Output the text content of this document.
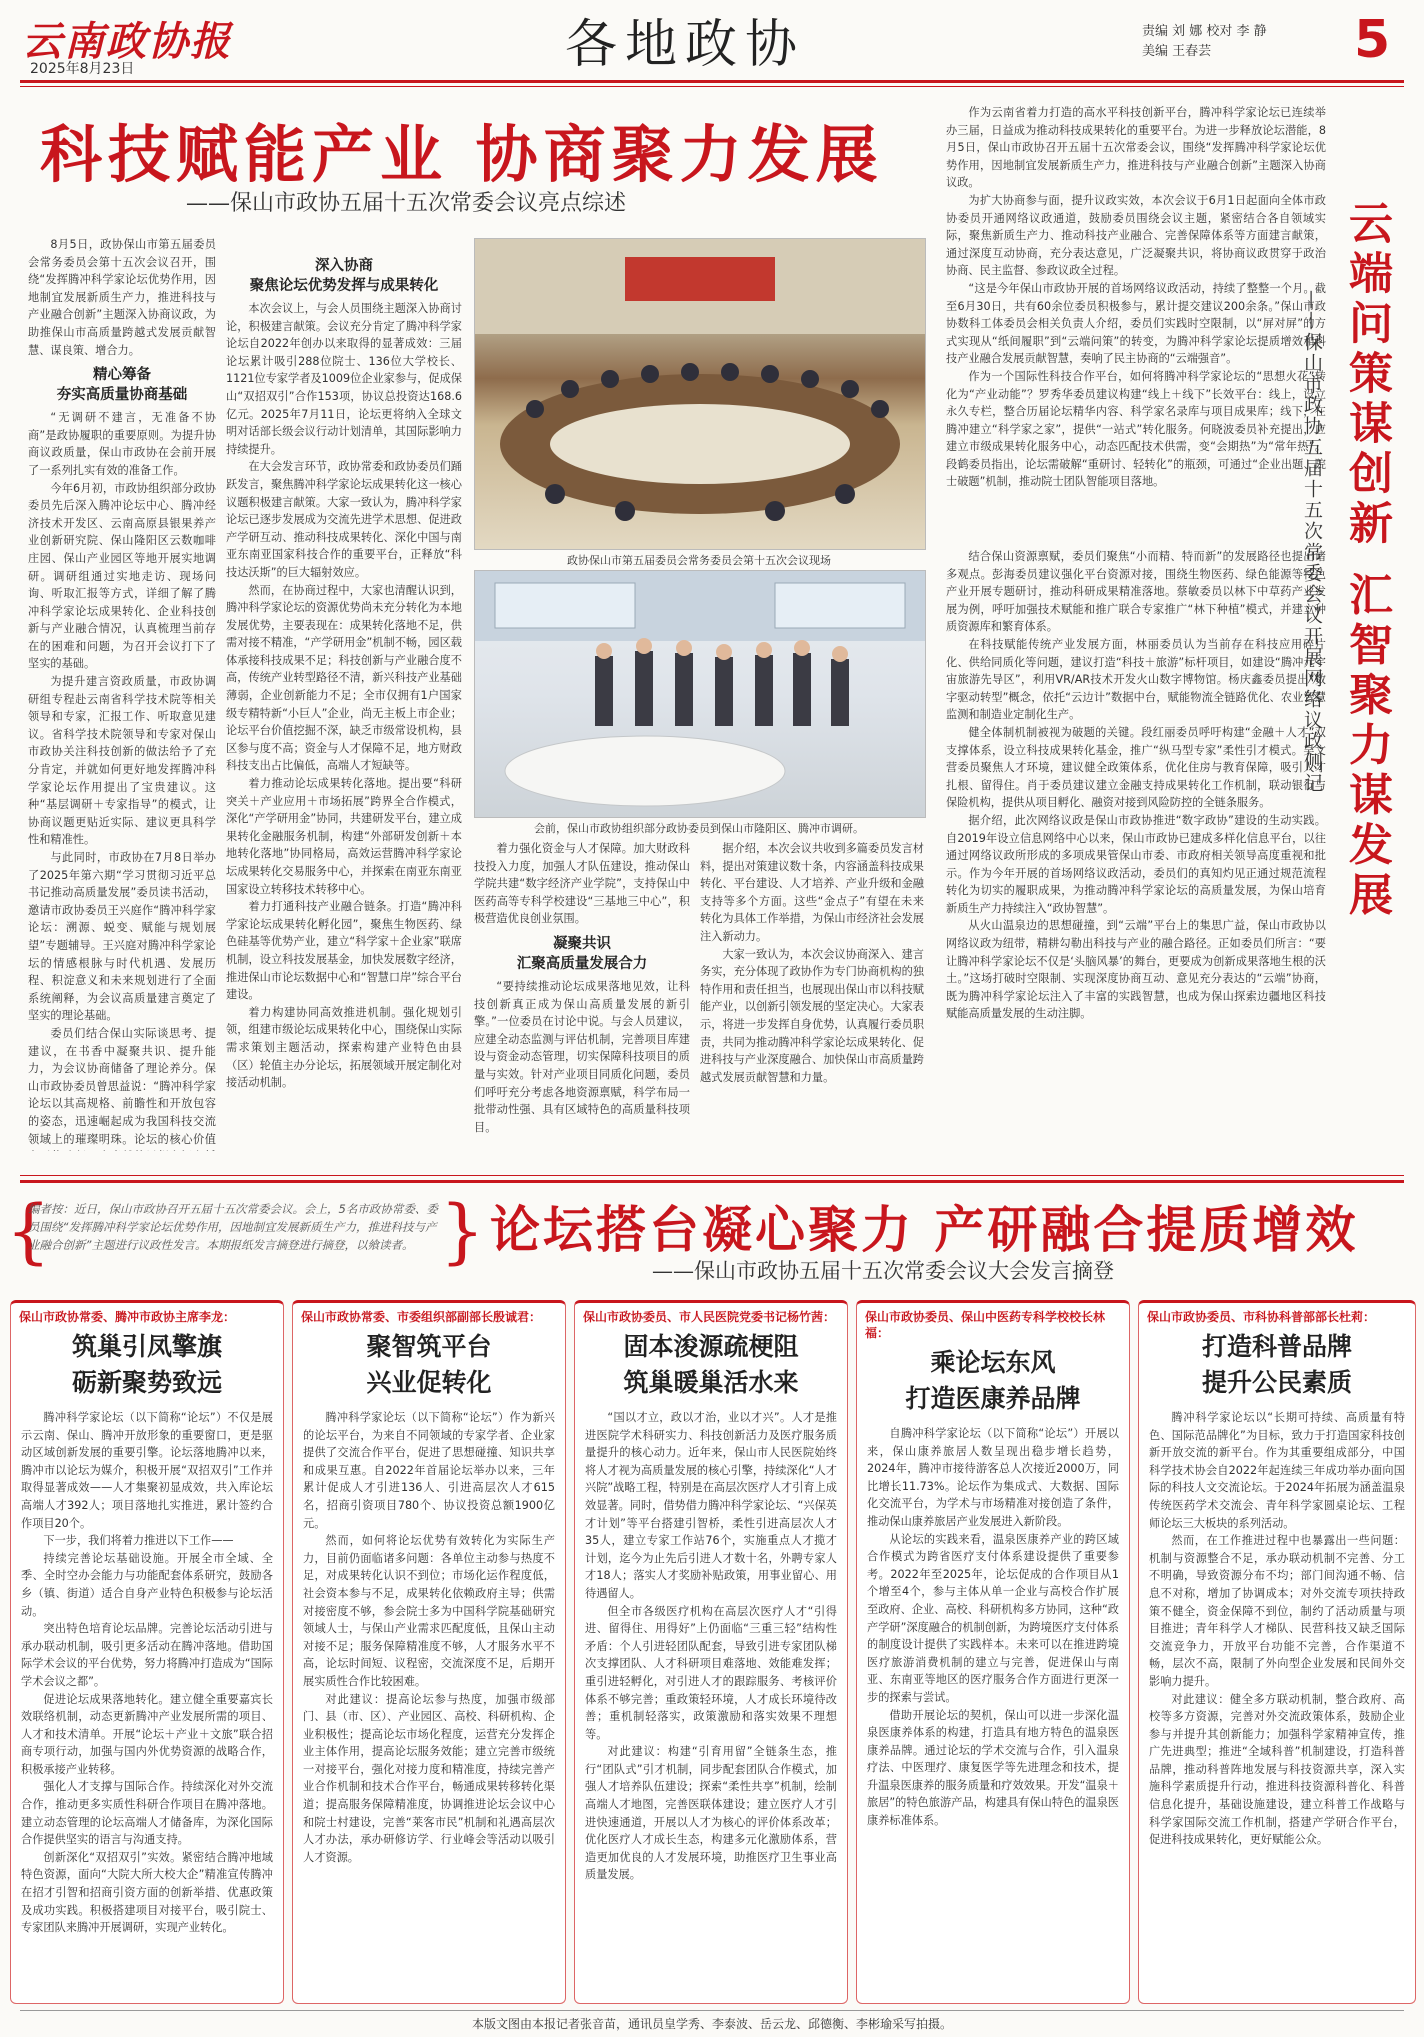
云南政协报
2025年8月23日	各地政协	责编 刘 娜 校对 李 静
美编 王春芸	5
科技赋能产业 协商聚力发展
——保山市政协五届十五次常委会议亮点综述

8月5日，政协保山市第五届委员会常务委员会第十五次会议召开，围绕“发挥腾冲科学家论坛优势作用，因地制宜发展新质生产力，推进科技与产业融合创新”主题深入协商议政，为助推保山市高质量跨越式发展贡献智慧、谋良策、增合力。

精心筹备
夯实高质量协商基础

“无调研不建言，无准备不协商”是政协履职的重要原则。为提升协商议政质量，保山市政协在会前开展了一系列扎实有效的准备工作。

今年6月初，市政协组织部分政协委员先后深入腾冲论坛中心、腾冲经济技术开发区、云南高原县银果养产业创新研究院、保山隆阳区云数咖啡庄园、保山产业园区等地开展实地调研。调研组通过实地走访、现场问询、听取汇报等方式，详细了解了腾冲科学家论坛成果转化、企业科技创新与产业融合情况，认真梳理当前存在的困难和问题，为召开会议打下了坚实的基础。

为提升建言资政质量，市政协调研组专程赴云南省科学技术院等相关领导和专家，汇报工作、听取意见建议。省科学技术院领导和专家对保山市政协关注科技创新的做法给予了充分肯定，并就如何更好地发挥腾冲科学家论坛作用提出了宝贵建议。这种“基层调研＋专家指导”的模式，让协商议题更贴近实际、建议更具科学性和精准性。

与此同时，市政协在7月8日举办了2025年第六期“学习贯彻习近平总书记推动高质量发展”委员读书活动，邀请市政协委员王兴庭作“腾冲科学家论坛：溯源、蜕变、赋能与规划展望”专题辅导。王兴庭对腾冲科学家论坛的情感根脉与时代机遇、发展历程、积淀意义和未来规划进行了全面系统阐释，为会议高质量建言奠定了坚实的理论基础。

委员们结合保山实际谈思考、提建议，在书香中凝聚共识、提升能力，为会议协商储备了理论养分。保山市政协委员曾思益说：“腾冲科学家论坛以其高规格、前瞻性和开放包容的姿态，迅速崛起成为我国科技交流领域上的璀璨明珠。论坛的核心价值

深入协商
聚焦论坛优势发挥与成果转化

本次会议上，与会人员围绕主题深入协商讨论，积极建言献策。会议充分肯定了腾冲科学家论坛自2022年创办以来取得的显著成效：三届论坛累计吸引288位院士、136位大学校长、1121位专家学者及1009位企业家参与，促成保山“双招双引”合作153项，协议总投资达168.6亿元。2025年7月11日，论坛更将纳入全球文明对话部长级会议行动计划清单，其国际影响力持续提升。

在大会发言环节，政协常委和政协委员们踊跃发言，聚焦腾冲科学家论坛成果转化这一核心议题积极建言献策。大家一致认为，腾冲科学家论坛已逐步发展成为交流先进学术思想、促进政产学研互动、推动科技成果转化、深化中国与南亚东南亚国家科技合作的重要平台，正释放“科技达沃斯”的巨大辐射效应。

然而，在协商过程中，大家也清醒认识到，腾冲科学家论坛的资源优势尚未充分转化为本地发展优势，主要表现在：成果转化落地不足，供需对接不精准，“产学研用金”机制不畅，园区载体承接科技成果不足；科技创新与产业融合度不高，传统产业转型路径不清，新兴科技产业基础薄弱，企业创新能力不足；全市仅拥有1户国家级专精特新“小巨人”企业，尚无主板上市企业；论坛平台价值挖掘不深，缺乏市级常设机构，县区参与度不高；资金与人才保障不足，地方财政科技支出占比偏低，高端人才短缺等。

着力推动论坛成果转化落地。提出要“科研突关＋产业应用＋市场拓展”跨界全合作模式，深化“产学研用金”协同，共建研发平台，建立成果转化金融服务机制，构建“外部研发创新＋本地转化落地”协同格局，高效运营腾冲科学家论坛成果转化交易服务中心，并探索在南亚东南亚国家设立转移技术转移中心。

着力打通科技产业融合链条。打造“腾冲科学家论坛成果转化孵化园”，聚焦生物医药、绿色硅基等优势产业，建立“科学家＋企业家”联席机制，设立科技发展基金，加快发展数字经济，推进保山市论坛数据中心和“智慧口岸”综合平台建设。

着力构建协同高效推进机制。强化规划引领，组建市级论坛成果转化中心，围绕保山实际需求策划主题活动，探索构建产业特色由县（区）轮值主办分论坛，拓展领域开展定制化对接活动机制。

政协保山市第五届委员会常务委员会第十五次会议现场
会前，保山市政协组织部分政协委员到保山市隆阳区、腾冲市调研。

着力强化资金与人才保障。加大财政科技投入力度，加强人才队伍建设，推动保山学院共建“数字经济产业学院”，支持保山中医药高等专科学校建设“三基地三中心”，积极营造优良创业氛围。

凝聚共识
汇聚高质量发展合力

“要持续推动论坛成果落地见效，让科技创新真正成为保山高质量发展的新引擎。”一位委员在讨论中说。与会人员建议，应建全动态监测与评估机制，完善项目库建设与资金动态管理，切实保障科技项目的质量与实效。针对产业项目同质化问题，委员们呼吁充分考虑各地资源禀赋，科学布局一批带动性强、具有区域特色的高质量科技项目。

据介绍，本次会议共收到多篇委员发言材料，提出对策建议数十条，内容涵盖科技成果转化、平台建设、人才培养、产业升级和金融支持等多个方面。这些“金点子”有望在未来转化为具体工作举措，为保山市经济社会发展注入新动力。

大家一致认为，本次会议协商深入、建言务实，充分体现了政协作为专门协商机构的独特作用和责任担当，也展现出保山市以科技赋能产业，以创新引领发展的坚定决心。大家表示，将进一步发挥自身优势，认真履行委员职责，共同为推动腾冲科学家论坛成果转化、促进科技与产业深度融合、加快保山市高质量跨越式发展贡献智慧和力量。

作为云南省着力打造的高水平科技创新平台，腾冲科学家论坛已连续举办三届，日益成为推动科技成果转化的重要平台。为进一步释放论坛潜能，8月5日，保山市政协召开五届十五次常委会议，围绕“发挥腾冲科学家论坛优势作用，因地制宜发展新质生产力，推进科技与产业融合创新”主题深入协商议政。

为扩大协商参与面，提升议政实效，本次会议于6月1日起面向全体市政协委员开通网络议政通道，鼓励委员围绕会议主题，紧密结合各自领域实际，聚焦新质生产力、推动科技产业融合、完善保障体系等方面建言献策，通过深度互动协商，充分表达意见，广泛凝聚共识，将协商议政贯穿于政治协商、民主监督、参政议政全过程。

“这是今年保山市政协开展的首场网络议政活动，持续了整整一个月。截至6月30日，共有60余位委员积极参与，累计提交建议200余条。”保山市政协数科工体委员会相关负责人介绍，委员们实践时空限制，以“屏对屏”的方式实现从“纸间履职”到“云端问策”的转变，为腾冲科学家论坛提质增效和科技产业融合发展贡献智慧，奏响了民主协商的“云端强音”。

作为一个国际性科技合作平台，如何将腾冲科学家论坛的“思想火花”转化为“产业动能”？罗秀华委员建议构建“线上＋线下”长效平台：线上，设立永久专栏，整合历届论坛精华内容、科学家名录库与项目成果库；线下，在腾冲建立“科学家之家”，提供“一站式”转化服务。何晓波委员补充提出，应建立市级成果转化服务中心，动态匹配技术供需，变“会期热”为“常年热”。段鹤委员指出，论坛需破解“重研讨、轻转化”的瓶颈，可通过“企业出题、院士破题”机制，推动院士团队智能项目落地。

结合保山资源禀赋，委员们聚焦“小而精、特而新”的发展路径也提出诸多观点。彭海委员建议强化平台资源对接，围绕生物医药、绿色能源等特色产业开展专题研讨，推动科研成果精准落地。蔡敏委员以林下中草药产业发展为例，呼吁加强技术赋能和推广联合专家推广“林下种植”模式，并建立种质资源库和繁育体系。

在科技赋能传统产业发展方面，林丽委员认为当前存在科技应用碎片化、供给同质化等问题，建议打造“科技＋旅游”标杆项目，如建设“腾冲元宇宙旅游先导区”，利用VR/AR技术开发火山数字博物馆。杨庆鑫委员提出“数字驱动转型”概念，依托“云边计”数据中台，赋能物流全链路优化、农业智慧监测和制造业定制化生产。

健全体制机制被视为破题的关键。段红丽委员呼吁构建“金融＋人才”双支撑体系，设立科技成果转化基金，推广“纵马型专家”柔性引才模式。吴文营委员聚焦人才环境，建议健全政策体系，优化住房与教育保障，吸引人才扎根、留得住。肖于委员建议建立金融支持成果转化工作机制，联动银行与保险机构，提供从项目孵化、融资对接到风险防控的全链条服务。

据介绍，此次网络议政是保山市政协推进“数字政协”建设的生动实践。自2019年设立信息网络中心以来，保山市政协已建成多样化信息平台，以往通过网络议政所形成的多项成果管保山市委、市政府相关领导高度重视和批示。作为今年开展的首场网络议政活动，委员们的真知灼见正通过规范流程转化为切实的履职成果，为推动腾冲科学家论坛的高质量发展，为保山培育新质生产力持续注入“政协智慧”。

从火山温泉边的思想碰撞，到“云端”平台上的集思广益，保山市政协以网络议政为纽带，精耕勾勒出科技与产业的融合路径。正如委员们所言：“要让腾冲科学家论坛不仅是‘头脑风暴’的舞台，更要成为创新成果落地生根的沃土。”这场打破时空限制、实现深度协商互动、意见充分表达的“云端”协商，既为腾冲科学家论坛注入了丰富的实践智慧，也成为保山探索边疆地区科技赋能高质量发展的生动注脚。

云端问策谋创新 汇智聚力谋发展
——保山市政协五届十五次常委会议开展网络议政侧记
{
编者按：近日，保山市政协召开五届十五次常委会议。会上，5名市政协常委、委员围绕“发挥腾冲科学家论坛优势作用，因地制宜发展新质生产力，推进科技与产业融合创新”主题进行议政性发言。本期报纸发言摘登进行摘登，以飨读者。 } 论坛搭台凝心聚力 产研融合提质增效
——保山市政协五届十五次常委会议大会发言摘登
保山市政协常委、腾冲市政协主席李龙：
筑巢引凤擎旗
砺新聚势致远

腾冲科学家论坛（以下简称“论坛”）不仅是展示云南、保山、腾冲开放形象的重要窗口，更是驱动区域创新发展的重要引擎。论坛落地腾冲以来，腾冲市以论坛为媒介，积极开展“双招双引”工作并取得显著成效——人才集聚初显成效，共入库论坛高端人才392人；项目落地扎实推进，累计签约合作项目20个。

下一步，我们将着力推进以下工作——

持续完善论坛基础设施。开展全市全域、全季、全时空办会能力与功能配套体系研究，鼓励各乡（镇、街道）适合自身产业特色积极参与论坛活动。

突出特色培育论坛品牌。完善论坛活动引进与承办联动机制，吸引更多活动在腾冲落地。借助国际学术会议的平台优势，努力将腾冲打造成为“国际学术会议之都”。

促进论坛成果落地转化。建立健全重要嘉宾长效联络机制，动态更新腾冲产业发展所需的项目、人才和技术清单。开展“论坛＋产业＋文旅”联合招商专项行动，加强与国内外优势资源的战略合作，积极承接产业转移。

强化人才支撑与国际合作。持续深化对外交流合作，推动更多实质性科研合作项目在腾冲落地。建立动态管理的论坛高端人才储备库，为深化国际合作提供坚实的语言与沟通支持。

创新深化“双招双引”实效。紧密结合腾冲地域特色资源，面向“大院大所大校大企”精准宣传腾冲在招才引智和招商引资方面的创新举措、优惠政策及成功实践。积极搭建项目对接平台，吸引院士、专家团队来腾冲开展调研，实现产业转化。

保山市政协常委、市委组织部副部长殷诚君：
聚智筑平台
兴业促转化

腾冲科学家论坛（以下简称“论坛”）作为新兴的论坛平台，为来自不同领域的专家学者、企业家提供了交流合作平台，促进了思想碰撞、知识共享和成果互惠。自2022年首届论坛举办以来，三年累计促成人才引进136人、引进高层次人才615名，招商引资项目780个、协议投资总额1900亿元。

然而，如何将论坛优势有效转化为实际生产力，目前仍面临诸多问题：各单位主动参与热度不足，对成果转化认识不到位；市场化运作程度低，社会资本参与不足，成果转化依赖政府主导；供需对接密度不够，参会院士多为中国科学院基础研究领域人士，与保山产业需求匹配度低，且保山主动对接不足；服务保障精准度不够，人才服务水平不高，论坛时间短、议程密，交流深度不足，后期开展实质性合作比较困难。

对此建议：提高论坛参与热度，加强市级部门、县（市、区）、产业园区、高校、科研机构、企业积极性；提高论坛市场化程度，运营充分发挥企业主体作用，提高论坛服务效能；建立完善市级统一对接平台，强化对接力度和精准度，持续完善产业合作机制和技术合作平台，畅通成果转移转化渠道；提高服务保障精准度，协调推进论坛会议中心和院士村建设，完善“莱客市民”机制和礼遇高层次人才办法，承办研修访学、行业峰会等活动以吸引人才资源。

保山市政协委员、市人民医院党委书记杨竹茜：
固本浚源疏梗阻
筑巢暖巢活水来

“国以才立，政以才治，业以才兴”。人才是推进医院学术科研实力、科技创新活力及医疗服务质量提升的核心动力。近年来，保山市人民医院始终将人才视为高质量发展的核心引擎，持续深化“人才兴院”战略工程，特别是在高层次医疗人才引育上成效显著。同时，借势借力腾冲科学家论坛、“兴保英才计划”等平台搭建引智桥，柔性引进高层次人才35人，建立专家工作站76个，实施重点人才揽才计划，迄今为止先后引进人才数十名，外聘专家人才18人；落实人才奖励补贴政策，用事业留心、用待遇留人。

但全市各级医疗机构在高层次医疗人才“引得进、留得住、用得好”上仍面临“三重三轻”结构性矛盾：个人引进轻团队配套，导致引进专家团队梯次支撑团队、人才科研项目难落地、效能难发挥；重引进轻孵化，对引进人才的跟踪服务、考核评价体系不够完善；重政策轻环境，人才成长环境待改善；重机制轻落实，政策激励和落实效果不理想等。

对此建议：构建“引育用留”全链条生态，推行“团队式”引才机制，同步配套团队合作模式，加强人才培养队伍建设；探索“柔性共享”机制，绘制高端人才地图，完善医联体建设；建立医疗人才引进快速通道，开展以人才为核心的评价体系改革；优化医疗人才成长生态，构建多元化激励体系，营造更加优良的人才发展环境，助推医疗卫生事业高质量发展。

保山市政协委员、保山中医药专科学校校长林福：
乘论坛东风
打造医康养品牌

自腾冲科学家论坛（以下简称“论坛”）开展以来，保山康养旅居人数呈现出稳步增长趋势，2024年，腾冲市接待游客总人次接近2000万，同比增长11.73%。论坛作为集成式、大数据、国际化交流平台，为学术与市场精准对接创造了条件，推动保山康养旅居产业发展进入新阶段。

从论坛的实践来看，温泉医康养产业的跨区域合作模式为跨省医疗支付体系建设提供了重要参考。2022年至2025年，论坛促成的合作项目从1个增至4个，参与主体从单一企业与高校合作扩展至政府、企业、高校、科研机构多方协同，这种“政产学研”深度融合的机制创新，为跨境医疗支付体系的制度设计提供了实践样本。未来可以在推进跨境医疗旅游消费机制的建立与完善，促进保山与南亚、东南亚等地区的医疗服务合作方面进行更深一步的探索与尝试。

借助开展论坛的契机，保山可以进一步深化温泉医康养体系的构建，打造具有地方特色的温泉医康养品牌。通过论坛的学术交流与合作，引入温泉疗法、中医理疗、康复医学等先进理念和技术，提升温泉医康养的服务质量和疗效效果。开发“温泉＋旅居”的特色旅游产品，构建具有保山特色的温泉医康养标准体系。

保山市政协委员、市科协科普部部长杜莉：
打造科普品牌
提升公民素质

腾冲科学家论坛以“长期可持续、高质量有特色、国际范品牌化”为目标，致力于打造国家科技创新开放交流的新平台。作为其重要组成部分，中国科学技术协会自2022年起连续三年成功举办面向国际的科技人文交流论坛。于2024年拓展为涵盖温泉传统医药学术交流会、青年科学家圆桌论坛、工程师论坛三大板块的系列活动。

然而，在工作推进过程中也暴露出一些问题：机制与资源整合不足，承办联动机制不完善、分工不明确，导致资源分布不均；部门间沟通不畅、信息不对称，增加了协调成本；对外交流专项扶持政策不健全，资金保障不到位，制约了活动质量与项目推进；青年科学人才梯队、民营科技又缺乏国际交流竞争力，开放平台功能不完善，合作渠道不畅，层次不高，限制了外向型企业发展和民间外交影响力提升。

对此建议：健全多方联动机制，整合政府、高校等多方资源，完善对外交流政策体系，鼓励企业参与并提升其创新能力；加强科学家精神宣传，推广先进典型；推进“全域科普”机制建设，打造科普品牌，推动科普阵地发展与科技资源共享，深入实施科学素质提升行动，推进科技资源科普化、科普信息化提升，基础设施建设，建立科普工作战略与科学家国际交流工作机制，搭建产学研合作平台，促进科技成果转化，更好赋能公众。

本版文图由本报记者张音苗，通讯员皇学秀、李泰波、岳云龙、邱德衡、李彬瑜采写拍摄。
